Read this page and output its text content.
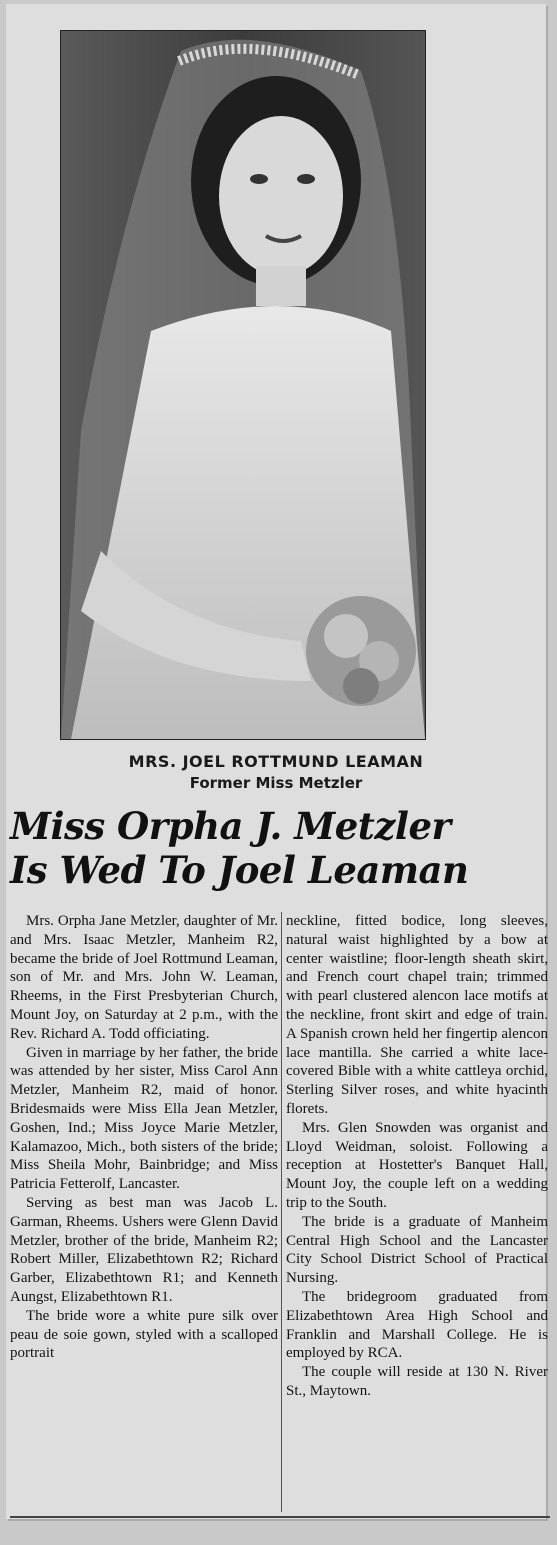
MRS. JOEL ROTTMUND LEAMAN
Former Miss Metzler
Miss Orpha J. Metzler
Is Wed To Joel Leaman

Mrs. Orpha Jane Metzler, daughter of Mr. and Mrs. Isaac Metzler, Manheim R2, became the bride of Joel Rottmund Leaman, son of Mr. and Mrs. John W. Leaman, Rheems, in the First Presbyterian Church, Mount Joy, on Saturday at 2 p.m., with the Rev. Richard A. Todd officiating.

Given in marriage by her father, the bride was attended by her sister, Miss Carol Ann Metzler, Manheim R2, maid of honor. Bridesmaids were Miss Ella Jean Metzler, Goshen, Ind.; Miss Joyce Marie Metzler, Kalamazoo, Mich., both sisters of the bride; Miss Sheila Mohr, Bainbridge; and Miss Patricia Fetterolf, Lancaster.

Serving as best man was Jacob L. Garman, Rheems. Ushers were Glenn David Metzler, brother of the bride, Manheim R2; Robert Miller, Elizabethtown R2; Richard Garber, Elizabethtown R1; and Kenneth Aungst, Elizabethtown R1.

The bride wore a white pure silk over peau de soie gown, styled with a scalloped portrait

neckline, fitted bodice, long sleeves, natural waist highlighted by a bow at center waistline; floor-length sheath skirt, and French court chapel train; trimmed with pearl clustered alencon lace motifs at the neckline, front skirt and edge of train. A Spanish crown held her fingertip alencon lace mantilla. She carried a white lace-covered Bible with a white cattleya orchid, Sterling Silver roses, and white hyacinth florets.

Mrs. Glen Snowden was organist and Lloyd Weidman, soloist. Following a reception at Hostetter's Banquet Hall, Mount Joy, the couple left on a wedding trip to the South.

The bride is a graduate of Manheim Central High School and the Lancaster City School District School of Practical Nursing.

The bridegroom graduated from Elizabethtown Area High School and Franklin and Marshall College. He is employed by RCA.

The couple will reside at 130 N. River St., Maytown.
